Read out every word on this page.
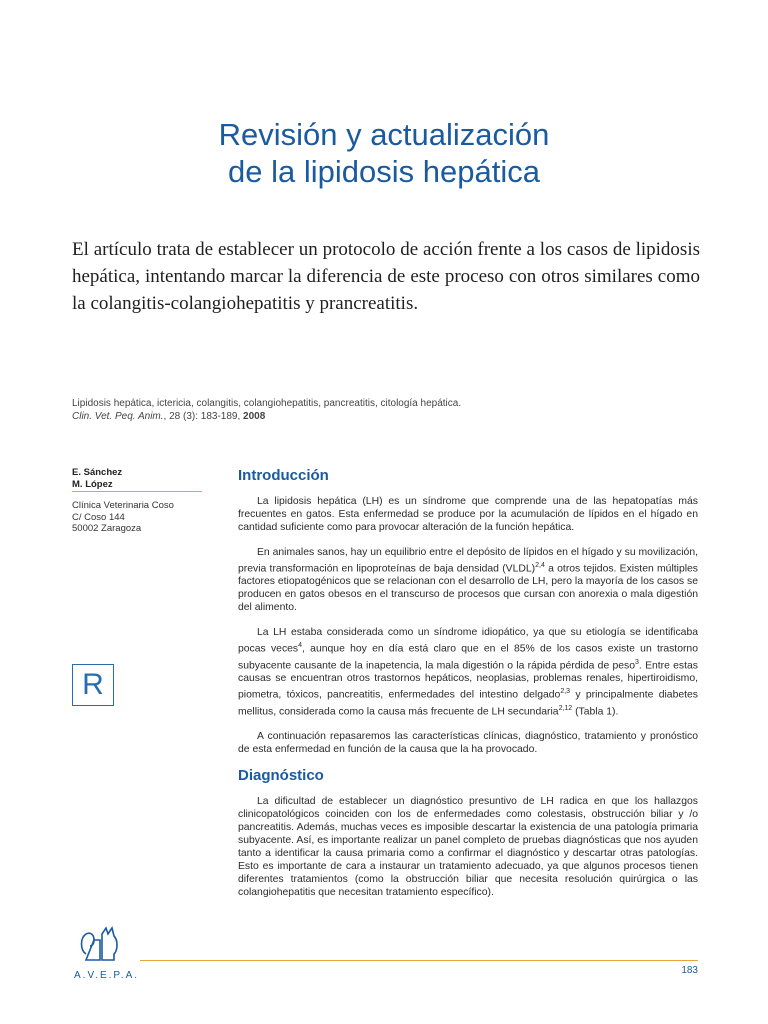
Revisión y actualización
de la lipidosis hepática

El artículo trata de establecer un protocolo de acción frente a los casos de lipidosis hepática, intentando marcar la diferencia de este proceso con otros similares como la colangitis-colangiohepatitis y prancreatitis.

Lipidosis hepática, ictericia, colangitis, colangiohepatitis, pancreatitis, citología hepática.

Clin. Vet. Peq. Anim., 28 (3): 183-189, 2008

E. Sánchez
M. López
Clínica Veterinaria Coso
C/ Coso 144
50002 Zaragoza
R
Introducción

La lipidosis hepática (LH) es un síndrome que comprende una de las hepatopatías más frecuentes en gatos. Esta enfermedad se produce por la acumulación de lípidos en el hígado en cantidad suficiente como para provocar alteración de la función hepática.

En animales sanos, hay un equilibrio entre el depósito de lípidos en el hígado y su movilización, previa transformación en lipoproteínas de baja densidad (VLDL)$^{2,4}$ a otros tejidos. Existen múltiples factores etiopatogénicos que se relacionan con el desarrollo de LH, pero la mayoría de los casos se producen en gatos obesos en el transcurso de procesos que cursan con anorexia o mala digestión del alimento.

La LH estaba considerada como un síndrome idiopático, ya que su etiología se identificaba pocas veces$^4$, aunque hoy en día está claro que en el 85% de los casos existe un trastorno subyacente causante de la inapetencia, la mala digestión o la rápida pérdida de peso$^3$. Entre estas causas se encuentran otros trastornos hepáticos, neoplasias, problemas renales, hipertiroidismo, piometra, tóxicos, pancreatitis, enfermedades del intestino delgado$^{2,3}$ y principalmente diabetes mellitus, considerada como la causa más frecuente de LH secundaria$^{2,12}$ (Tabla 1).

A continuación repasaremos las características clínicas, diagnóstico, tratamiento y pronóstico de esta enfermedad en función de la causa que la ha provocado.

Diagnóstico

La dificultad de establecer un diagnóstico presuntivo de LH radica en que los hallazgos clinicopatológicos coinciden con los de enfermedades como colestasis, obstrucción biliar y /o pancreatitis. Además, muchas veces es imposible descartar la existencia de una patología primaria subyacente. Así, es importante realizar un panel completo de pruebas diagnósticas que nos ayuden tanto a identificar la causa primaria como a confirmar el diagnóstico y descartar otras patologías. Esto es importante de cara a instaurar un tratamiento adecuado, ya que algunos procesos tienen diferentes tratamientos (como la obstrucción biliar que necesita resolución quirúrgica o las colangiohepatitis que necesitan tratamiento específico).

A.V.E.P.A.	183
